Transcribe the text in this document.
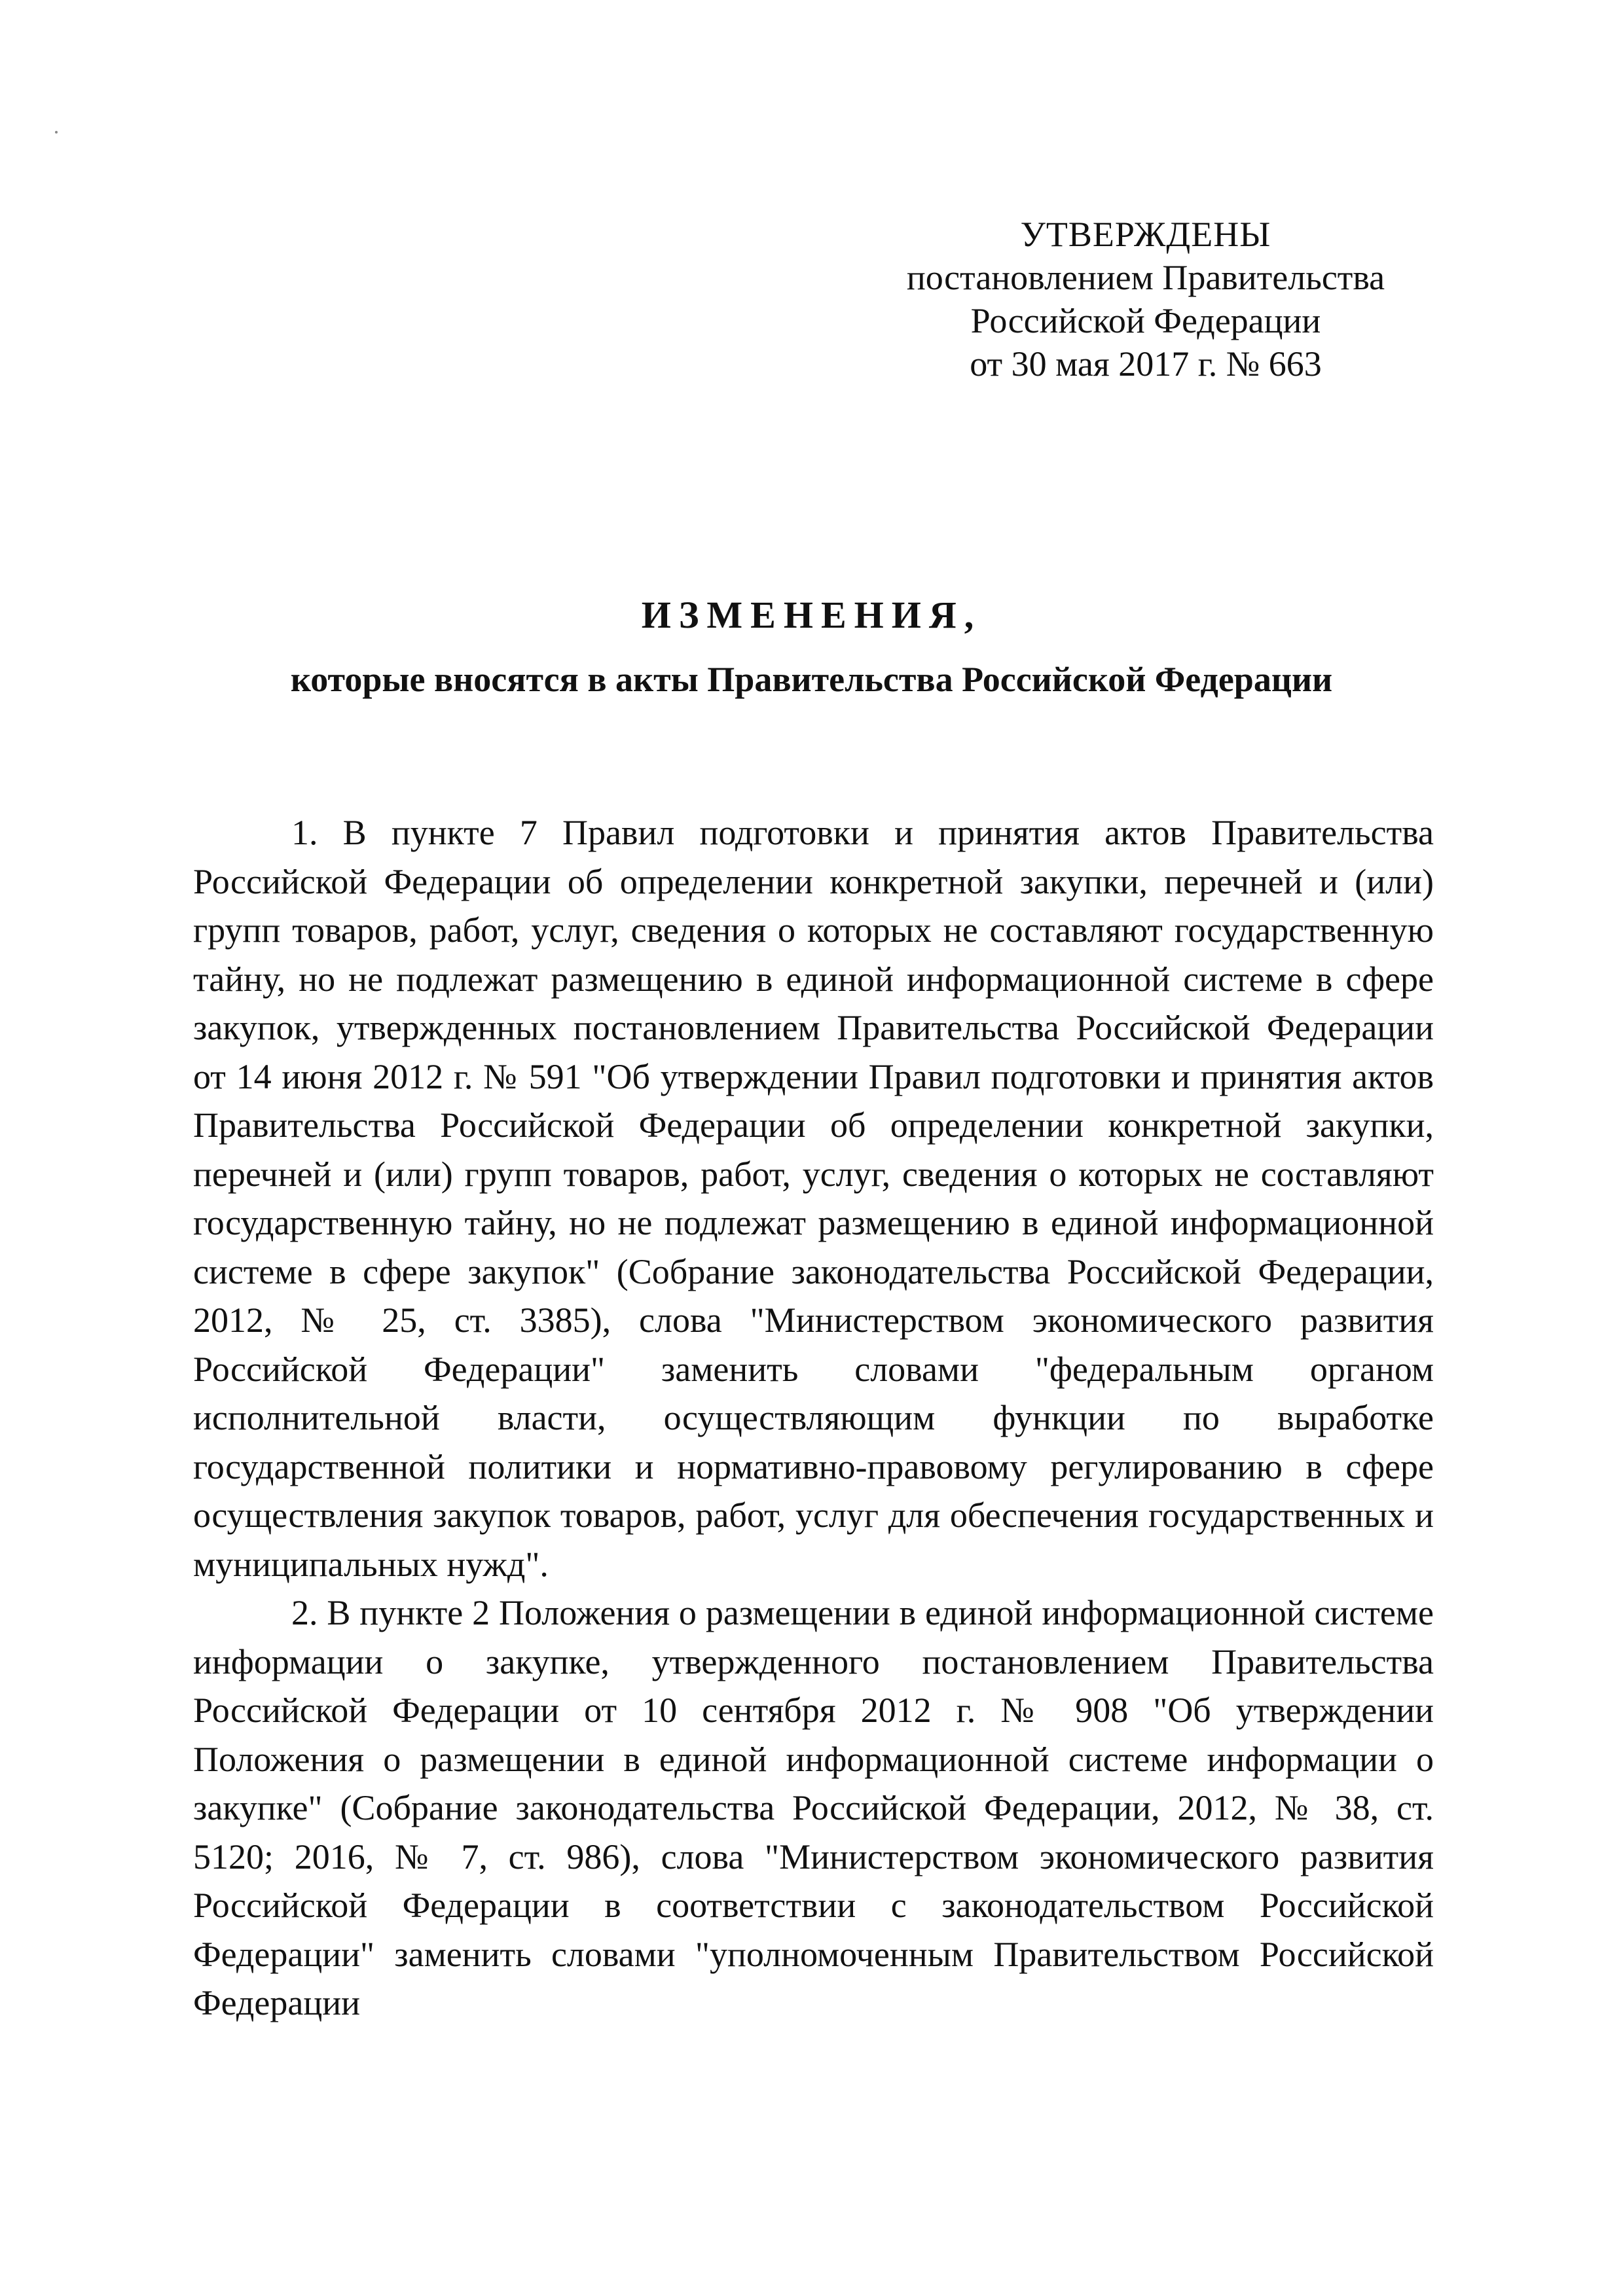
УТВЕРЖДЕНЫ
постановлением Правительства
Российской Федерации
от 30 мая 2017 г. № 663
ИЗМЕНЕНИЯ,
которые вносятся в акты Правительства Российской Федерации

1. В пункте 7 Правил подготовки и принятия актов Правительства Российской Федерации об определении конкретной закупки, перечней и (или) групп товаров, работ, услуг, сведения о которых не составляют государственную тайну, но не подлежат размещению в единой информационной системе в сфере закупок, утвержденных постановлением Правительства Российской Федерации от 14 июня 2012 г. № 591 "Об утверждении Правил подготовки и принятия актов Правительства Российской Федерации об определении конкретной закупки, перечней и (или) групп товаров, работ, услуг, сведения о которых не составляют государственную тайну, но не подлежат размещению в единой информационной системе в сфере закупок" (Собрание законодательства Российской Федерации, 2012, № 25, ст. 3385), слова "Министерством экономического развития Российской Федерации" заменить словами "федеральным органом исполнительной власти, осуществляющим функции по выработке государственной политики и нормативно-правовому регулированию в сфере осуществления закупок товаров, работ, услуг для обеспечения государственных и муниципальных нужд".

2. В пункте 2 Положения о размещении в единой информационной системе информации о закупке, утвержденного постановлением Правительства Российской Федерации от 10 сентября 2012 г. № 908 "Об утверждении Положения о размещении в единой информационной системе информации о закупке" (Собрание законодательства Российской Федерации, 2012, № 38, ст. 5120; 2016, № 7, ст. 986), слова "Министерством экономического развития Российской Федерации в соответствии с законодательством Российской Федерации" заменить словами "уполномоченным Правительством Российской Федерации
